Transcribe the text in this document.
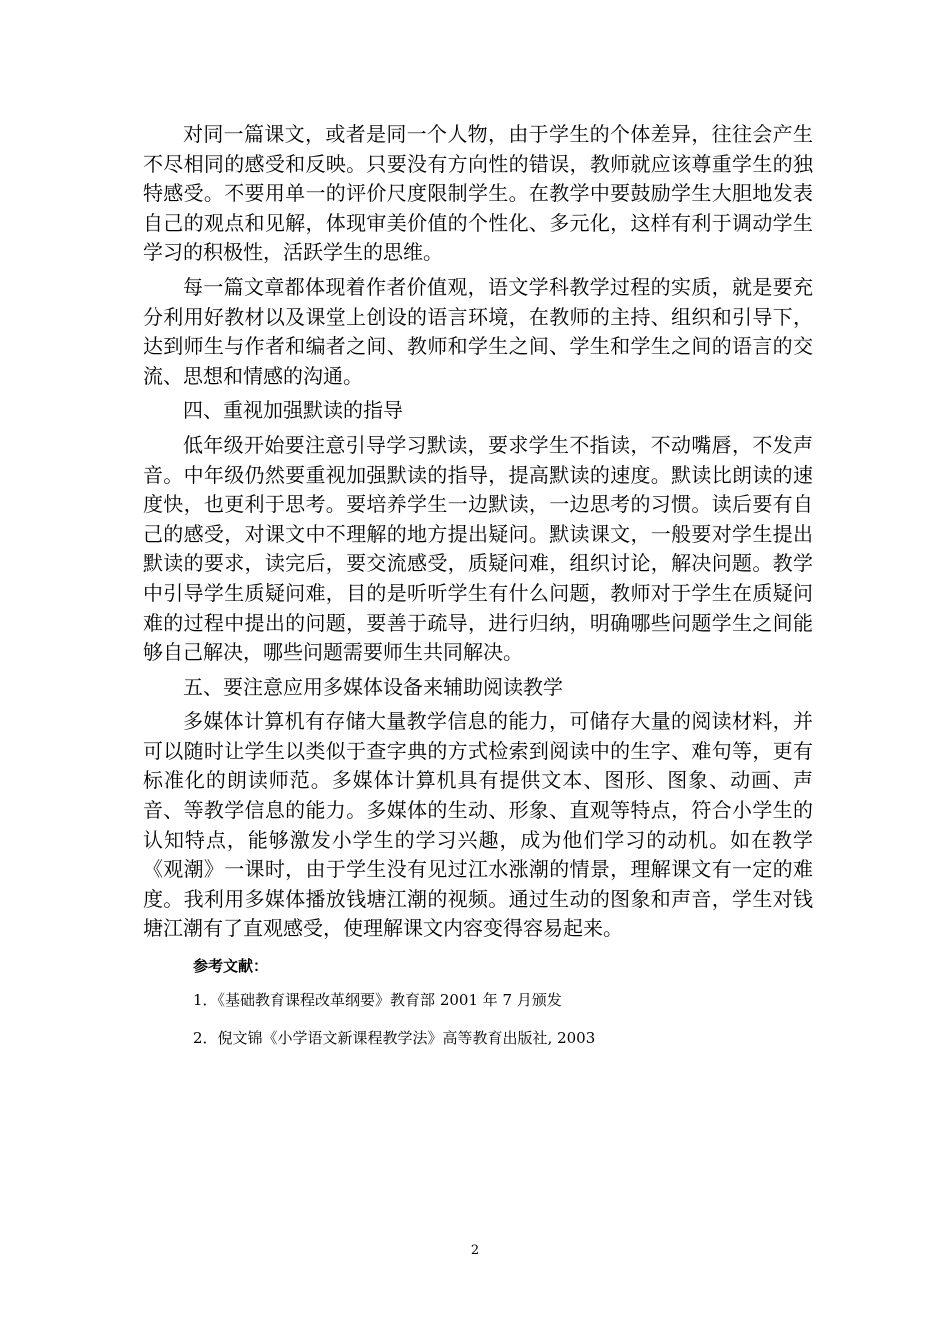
对同一篇课文，或者是同一个人物，由于学生的个体差异，往往会产生不尽相同的感受和反映。只要没有方向性的错误，教师就应该尊重学生的独特感受。不要用单一的评价尺度限制学生。在教学中要鼓励学生大胆地发表自己的观点和见解，体现审美价值的个性化、多元化，这样有利于调动学生学习的积极性，活跃学生的思维。

每一篇文章都体现着作者价值观，语文学科教学过程的实质，就是要充分利用好教材以及课堂上创设的语言环境，在教师的主持、组织和引导下，达到师生与作者和编者之间、教师和学生之间、学生和学生之间的语言的交流、思想和情感的沟通。

四、重视加强默读的指导

低年级开始要注意引导学习默读，要求学生不指读，不动嘴唇，不发声音。中年级仍然要重视加强默读的指导，提高默读的速度。默读比朗读的速度快，也更利于思考。要培养学生一边默读，一边思考的习惯。读后要有自己的感受，对课文中不理解的地方提出疑问。默读课文，一般要对学生提出默读的要求，读完后，要交流感受，质疑问难，组织讨论，解决问题。教学中引导学生质疑问难，目的是听听学生有什么问题，教师对于学生在质疑问难的过程中提出的问题，要善于疏导，进行归纳，明确哪些问题学生之间能够自己解决，哪些问题需要师生共同解决。

五、要注意应用多媒体设备来辅助阅读教学

多媒体计算机有存储大量教学信息的能力，可储存大量的阅读材料，并可以随时让学生以类似于查字典的方式检索到阅读中的生字、难句等，更有标准化的朗读师范。多媒体计算机具有提供文本、图形、图象、动画、声音、等教学信息的能力。多媒体的生动、形象、直观等特点，符合小学生的认知特点，能够激发小学生的学习兴趣，成为他们学习的动机。如在教学《观潮》一课时，由于学生没有见过江水涨潮的情景，理解课文有一定的难度。我利用多媒体播放钱塘江潮的视频。通过生动的图象和声音，学生对钱塘江潮有了直观感受，使理解课文内容变得容易起来。

参考文献：

1．《基础教育课程改革纲要》教育部 2001 年 7 月颁发

2．倪文锦《小学语文新课程教学法》高等教育出版社, 2003

2
